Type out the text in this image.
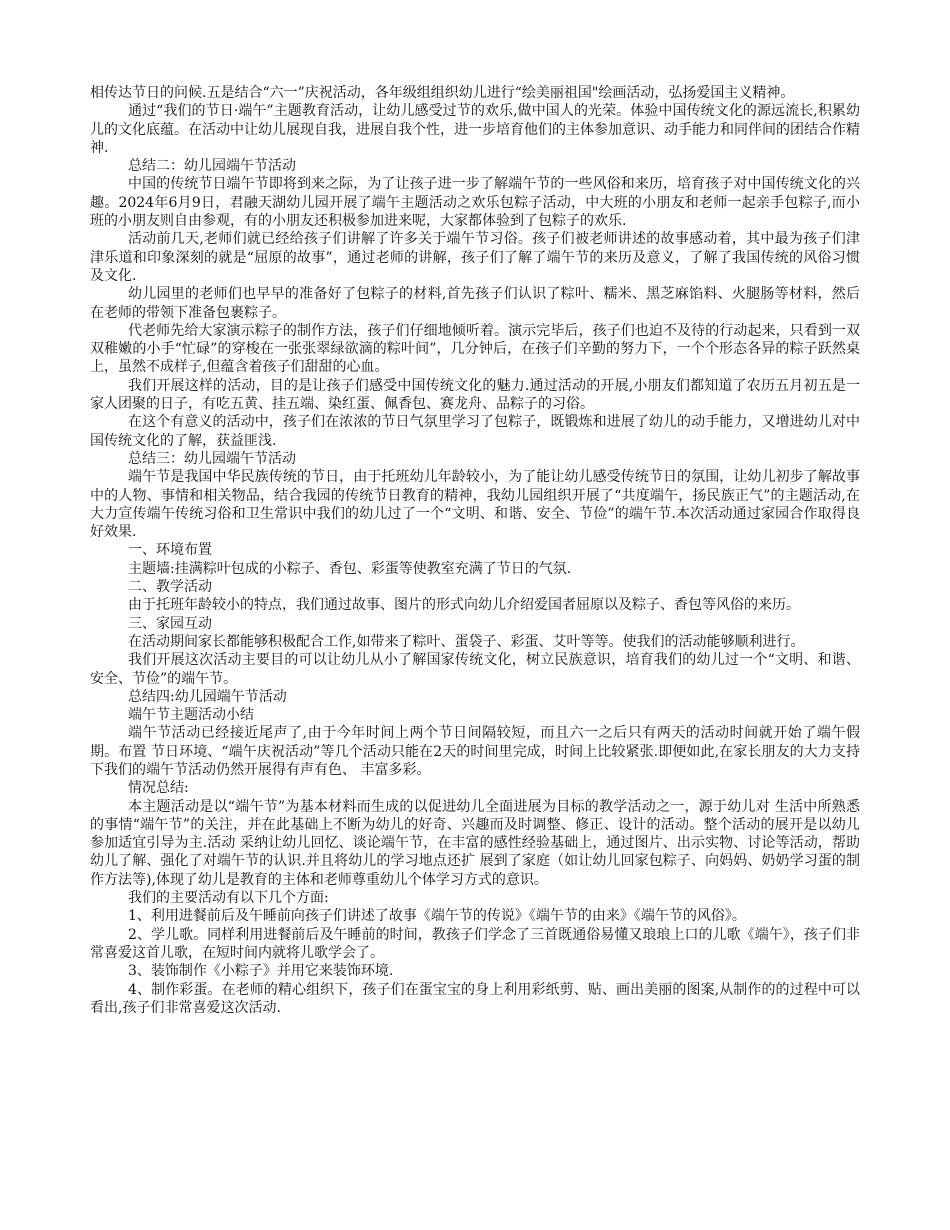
相传达节日的问候.五是结合“六一”庆祝活动，各年级组组织幼儿进行“绘美丽祖国"绘画活动，弘扬爱国主义精神。

通过“我们的节日·端午”主题教育活动，让幼儿感受过节的欢乐,做中国人的光荣。体验中国传统文化的源远流长,积累幼儿的文化底蕴。在活动中让幼儿展现自我，进展自我个性，进一步培育他们的主体参加意识、动手能力和同伴间的团结合作精神.

总结二：幼儿园端午节活动

中国的传统节日端午节即将到来之际，为了让孩子进一步了解端午节的一些风俗和来历，培育孩子对中国传统文化的兴趣。2024年6月9日，君融天湖幼儿园开展了端午主题活动之欢乐包粽子活动，中大班的小朋友和老师一起亲手包粽子,而小班的小朋友则自由参观，有的小朋友还积极参加进来呢，大家都体验到了包粽子的欢乐.

活动前几天,老师们就已经给孩子们讲解了许多关于端午节习俗。孩子们被老师讲述的故事感动着，其中最为孩子们津津乐道和印象深刻的就是“屈原的故事”，通过老师的讲解，孩子们了解了端午节的来历及意义，了解了我国传统的风俗习惯及文化.

幼儿园里的老师们也早早的准备好了包粽子的材料,首先孩子们认识了粽叶、糯米、黑芝麻馅料、火腿肠等材料，然后在老师的带领下准备包裹粽子。

代老师先给大家演示粽子的制作方法，孩子们仔细地倾听着。演示完毕后，孩子们也迫不及待的行动起来，只看到一双双稚嫩的小手“忙碌”的穿梭在一张张翠绿欲滴的粽叶间”，几分钟后，在孩子们辛勤的努力下，一个个形态各异的粽子跃然桌上，虽然不成样子,但蕴含着孩子们甜甜的心血。

我们开展这样的活动，目的是让孩子们感受中国传统文化的魅力.通过活动的开展,小朋友们都知道了农历五月初五是一家人团聚的日子，有吃五黄、挂五端、染红蛋、佩香包、赛龙舟、品粽子的习俗。

在这个有意义的活动中，孩子们在浓浓的节日气氛里学习了包粽子，既锻炼和进展了幼儿的动手能力，又增进幼儿对中国传统文化的了解，获益匪浅.

总结三：幼儿园端午节活动

端午节是我国中华民族传统的节日，由于托班幼儿年龄较小，为了能让幼儿感受传统节日的氛围，让幼儿初步了解故事中的人物、事情和相关物品，结合我园的传统节日教育的精神，我幼儿园组织开展了“共度端午，扬民族正气”的主题活动,在大力宣传端午传统习俗和卫生常识中我们的幼儿过了一个“文明、和谐、安全、节俭”的端午节.本次活动通过家园合作取得良好效果.

一、环境布置

主题墙:挂满粽叶包成的小粽子、香包、彩蛋等使教室充满了节日的气氛.

二、教学活动

由于托班年龄较小的特点，我们通过故事、图片的形式向幼儿介绍爱国者屈原以及粽子、香包等风俗的来历。

三、家园互动

在活动期间家长都能够积极配合工作,如带来了粽叶、蛋袋子、彩蛋、艾叶等等。使我们的活动能够顺利进行。

我们开展这次活动主要目的可以让幼儿从小了解国家传统文化，树立民族意识，培育我们的幼儿过一个“文明、和谐、安全、节俭”的端午节。

总结四:幼儿园端午节活动

端午节主题活动小结

端午节活动已经接近尾声了,由于今年时间上两个节日间隔较短，而且六一之后只有两天的活动时间就开始了端午假期。布置 节日环境、“端午庆祝活动”等几个活动只能在2天的时间里完成，时间上比较紧张.即便如此,在家长朋友的大力支持下我们的端午节活动仍然开展得有声有色、 丰富多彩。

情况总结:

本主题活动是以“端午节”为基本材料而生成的以促进幼儿全面进展为目标的教学活动之一，源于幼儿对 生活中所熟悉的事情“端午节”的关注，并在此基础上不断为幼儿的好奇、兴趣而及时调整、修正、设计的活动。整个活动的展开是以幼儿参加适宜引导为主.活动 采纳让幼儿回忆、谈论端午节，在丰富的感性经验基础上，通过图片、出示实物、讨论等活动，帮助幼儿了解、强化了对端午节的认识.并且将幼儿的学习地点还扩 展到了家庭（如让幼儿回家包粽子、向妈妈、奶奶学习蛋的制作方法等),体现了幼儿是教育的主体和老师尊重幼儿个体学习方式的意识。

我们的主要活动有以下几个方面:

1、利用进餐前后及午睡前向孩子们讲述了故事《端午节的传说》《端午节的由来》《端午节的风俗》。

2、学儿歌。同样利用进餐前后及午睡前的时间，教孩子们学念了三首既通俗易懂又琅琅上口的儿歌《端午》，孩子们非常喜爱这首儿歌，在短时间内就将儿歌学会了。

3、装饰制作《小粽子》并用它来装饰环境.

4、制作彩蛋。在老师的精心组织下，孩子们在蛋宝宝的身上利用彩纸剪、贴、画出美丽的图案,从制作的的过程中可以看出,孩子们非常喜爱这次活动.
